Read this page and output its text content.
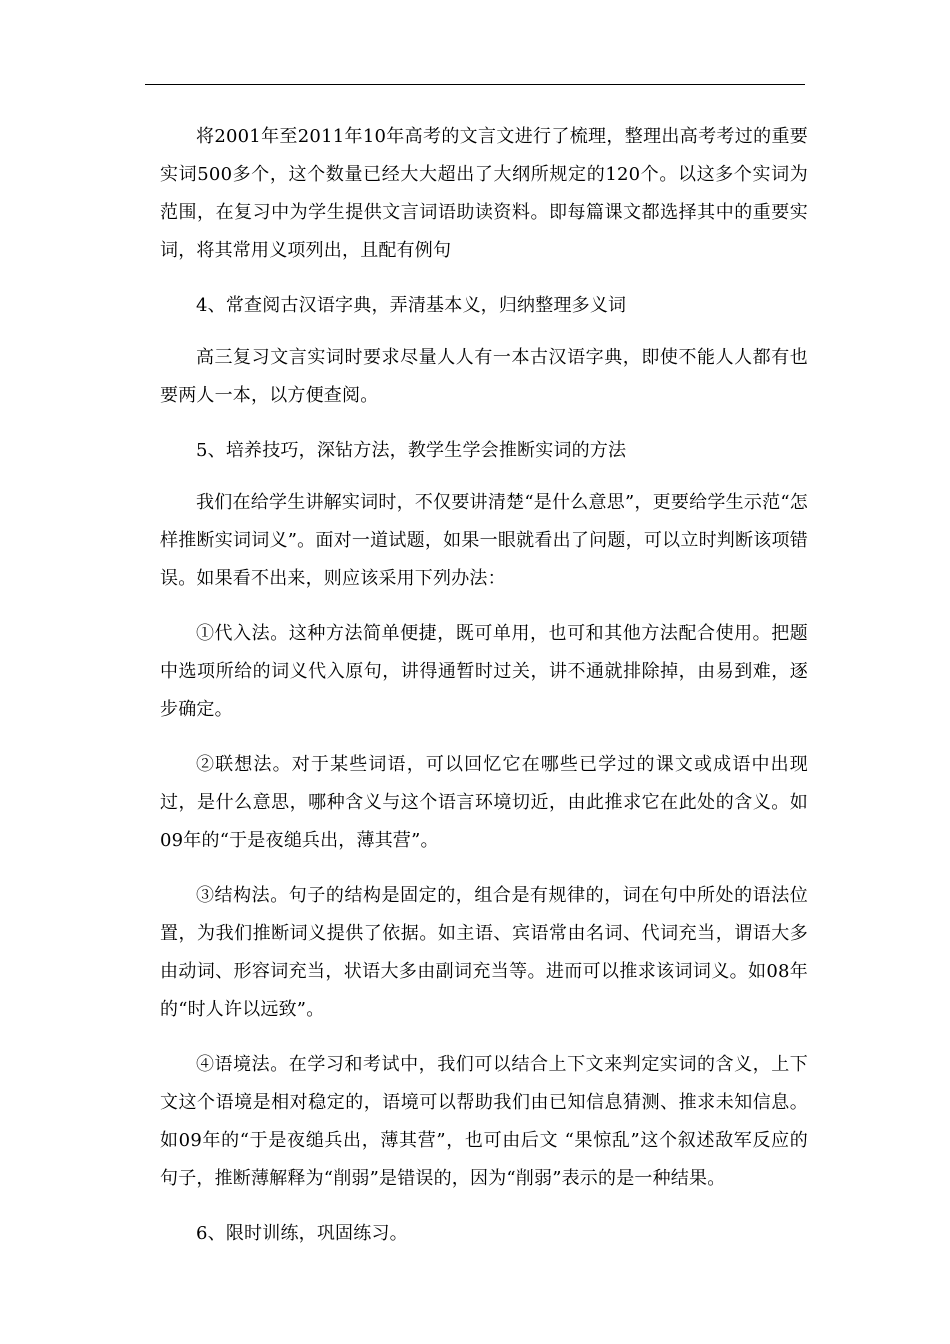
将2001年至2011年10年高考的文言文进行了梳理，整理出高考考过的重要实词500多个，这个数量已经大大超出了大纲所规定的120个。以这多个实词为范围，在复习中为学生提供文言词语助读资料。即每篇课文都选择其中的重要实词，将其常用义项列出，且配有例句

4、常查阅古汉语字典，弄清基本义，归纳整理多义词

高三复习文言实词时要求尽量人人有一本古汉语字典，即使不能人人都有也要两人一本，以方便查阅。

5、培养技巧，深钻方法，教学生学会推断实词的方法

我们在给学生讲解实词时，不仅要讲清楚“是什么意思”，更要给学生示范“怎样推断实词词义”。面对一道试题，如果一眼就看出了问题，可以立时判断该项错误。如果看不出来，则应该采用下列办法：

①代入法。这种方法简单便捷，既可单用，也可和其他方法配合使用。把题中选项所给的词义代入原句，讲得通暂时过关，讲不通就排除掉，由易到难，逐步确定。

②联想法。对于某些词语，可以回忆它在哪些已学过的课文或成语中出现过，是什么意思，哪种含义与这个语言环境切近，由此推求它在此处的含义。如09年的“于是夜缒兵出，薄其营”。

③结构法。句子的结构是固定的，组合是有规律的，词在句中所处的语法位置，为我们推断词义提供了依据。如主语、宾语常由名词、代词充当，谓语大多由动词、形容词充当，状语大多由副词充当等。进而可以推求该词词义。如08年的“时人许以远致”。

④语境法。在学习和考试中，我们可以结合上下文来判定实词的含义，上下文这个语境是相对稳定的，语境可以帮助我们由已知信息猜测、推求未知信息。如09年的“于是夜缒兵出，薄其营”，也可由后文 “果惊乱”这个叙述敌军反应的句子，推断薄解释为“削弱”是错误的，因为“削弱”表示的是一种结果。

6、限时训练，巩固练习。
